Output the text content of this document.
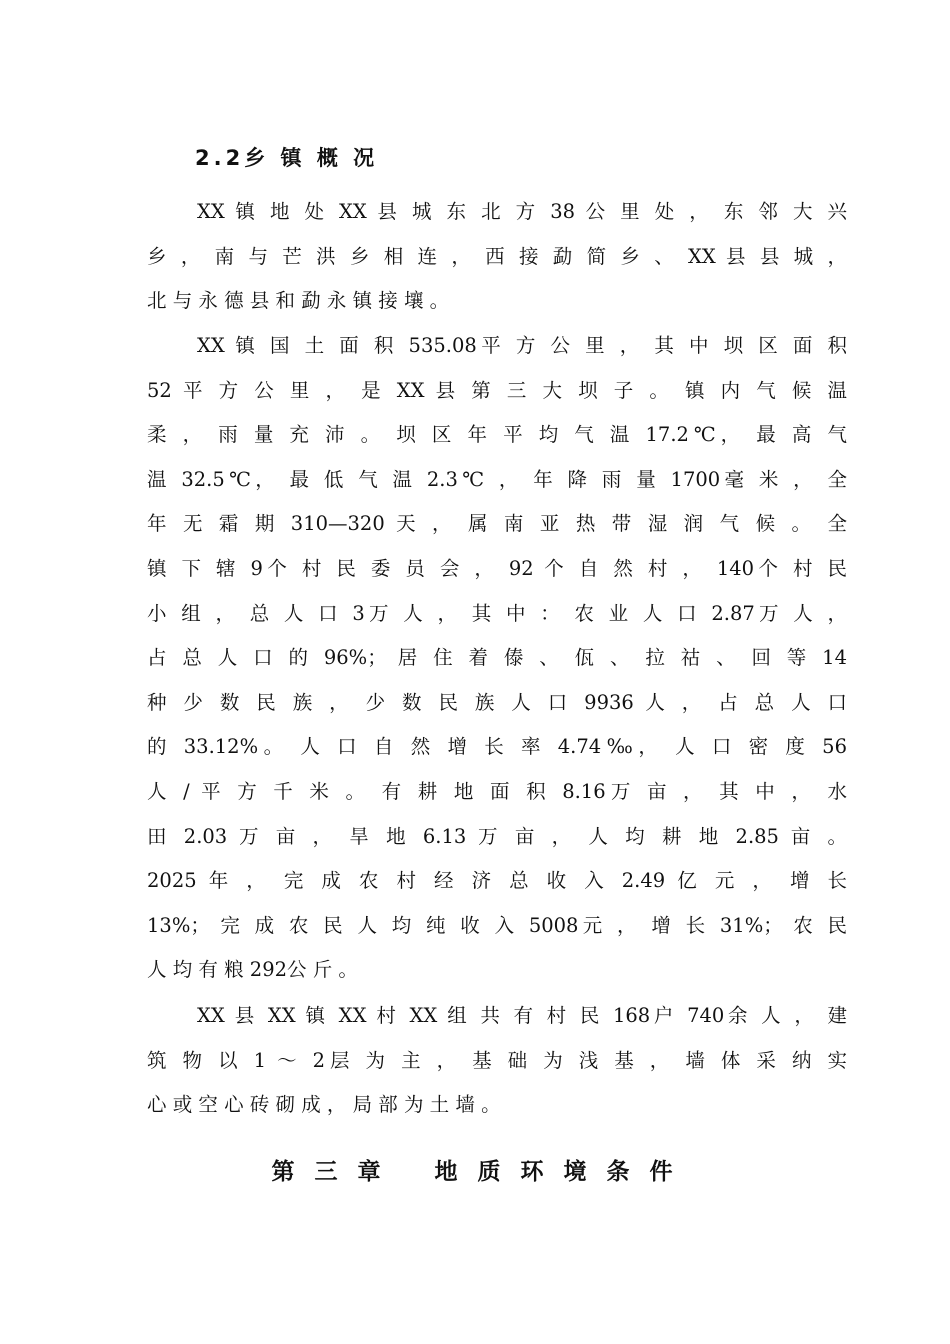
2.2乡 镇 概 况
XX 镇 地 处 XX 县 城 东 北 方 38 公 里 处 ， 东 邻 大 兴
乡 ， 南 与 芒 洪 乡 相 连 ， 西 接 勐 简 乡 、 XX 县 县 城 ，
北 与 永 德 县 和 勐 永 镇 接 壤 。
XX 镇 国 土 面 积 535.08平 方 公 里 ， 其 中 坝 区 面 积
52 平 方 公 里 ， 是 XX 县 第 三 大 坝 子 。 镇 内 气 候 温
柔 ， 雨 量 充 沛 。 坝 区 年 平 均 气 温 17.2℃， 最 高 气
温 32.5℃， 最 低 气 温 2.3℃ ， 年 降 雨 量 1700毫 米 ， 全
年 无 霜 期 310—320 天 ， 属 南 亚 热 带 湿 润 气 候 。 全
镇 下 辖 9个 村 民 委 员 会 ， 92 个 自 然 村 ， 140个 村 民
小 组 ， 总 人 口 3万 人 ， 其 中 ： 农 业 人 口 2.87万 人 ，
占 总 人 口 的 96%； 居 住 着 傣 、 佤 、 拉 祜 、 回 等 14
种 少 数 民 族 ， 少 数 民 族 人 口 9936 人 ， 占 总 人 口
的 33.12%。 人 口 自 然 增 长 率 4.74‰， 人 口 密 度 56
人 / 平 方 千 米 。 有 耕 地 面 积 8.16万 亩 ， 其 中 ， 水
田 2.03 万 亩 ， 旱 地 6.13 万 亩 ， 人 均 耕 地 2.85 亩 。
2025 年 ， 完 成 农 村 经 济 总 收 入 2.49 亿 元 ， 增 长
13%； 完 成 农 民 人 均 纯 收 入 5008元 ， 增 长 31%； 农 民
人 均 有 粮 292公 斤 。
XX 县 XX 镇 XX 村 XX 组 共 有 村 民 168户 740余 人 ， 建
筑 物 以 1 ～ 2层 为 主 ， 基 础 为 浅 基 ， 墙 体 采 纳 实
心 或 空 心 砖 砌 成 ， 局 部 为 土 墙 。
第 三 章 地 质 环 境 条 件
